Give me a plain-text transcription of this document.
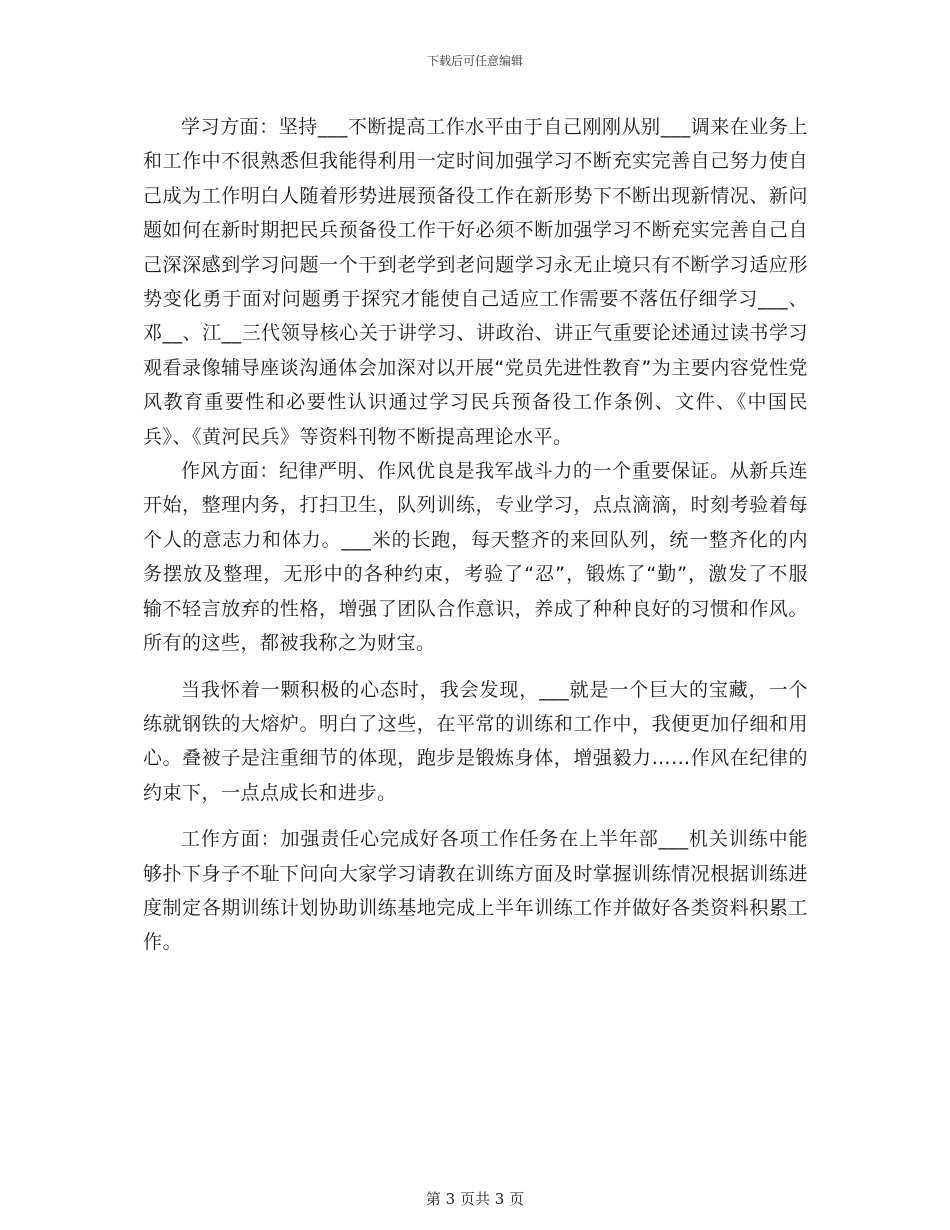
下载后可任意编辑

学习方面：坚持___不断提高工作水平由于自己刚刚从别___调来在业务上和工作中不很熟悉但我能得利用一定时间加强学习不断充实完善自己努力使自己成为工作明白人随着形势进展预备役工作在新形势下不断出现新情况、新问题如何在新时期把民兵预备役工作干好必须不断加强学习不断充实完善自己自己深深感到学习问题一个干到老学到老问题学习永无止境只有不断学习适应形势变化勇于面对问题勇于探究才能使自己适应工作需要不落伍仔细学习___、邓__、江__三代领导核心关于讲学习、讲政治、讲正气重要论述通过读书学习观看录像辅导座谈沟通体会加深对以开展“党员先进性教育”为主要内容党性党风教育重要性和必要性认识通过学习民兵预备役工作条例、文件、《中国民兵》、《黄河民兵》等资料刊物不断提高理论水平。

作风方面：纪律严明、作风优良是我军战斗力的一个重要保证。从新兵连开始，整理内务，打扫卫生，队列训练，专业学习，点点滴滴，时刻考验着每个人的意志力和体力。___米的长跑，每天整齐的来回队列，统一整齐化的内务摆放及整理，无形中的各种约束，考验了“忍”，锻炼了“勤”，激发了不服输不轻言放弃的性格，增强了团队合作意识，养成了种种良好的习惯和作风。所有的这些，都被我称之为财宝。

当我怀着一颗积极的心态时，我会发现，___就是一个巨大的宝藏，一个练就钢铁的大熔炉。明白了这些，在平常的训练和工作中，我便更加仔细和用心。叠被子是注重细节的体现，跑步是锻炼身体，增强毅力……作风在纪律的约束下，一点点成长和进步。

工作方面：加强责任心完成好各项工作任务在上半年部___机关训练中能够扑下身子不耻下问向大家学习请教在训练方面及时掌握训练情况根据训练进度制定各期训练计划协助训练基地完成上半年训练工作并做好各类资料积累工作。

第 3 页共 3 页
